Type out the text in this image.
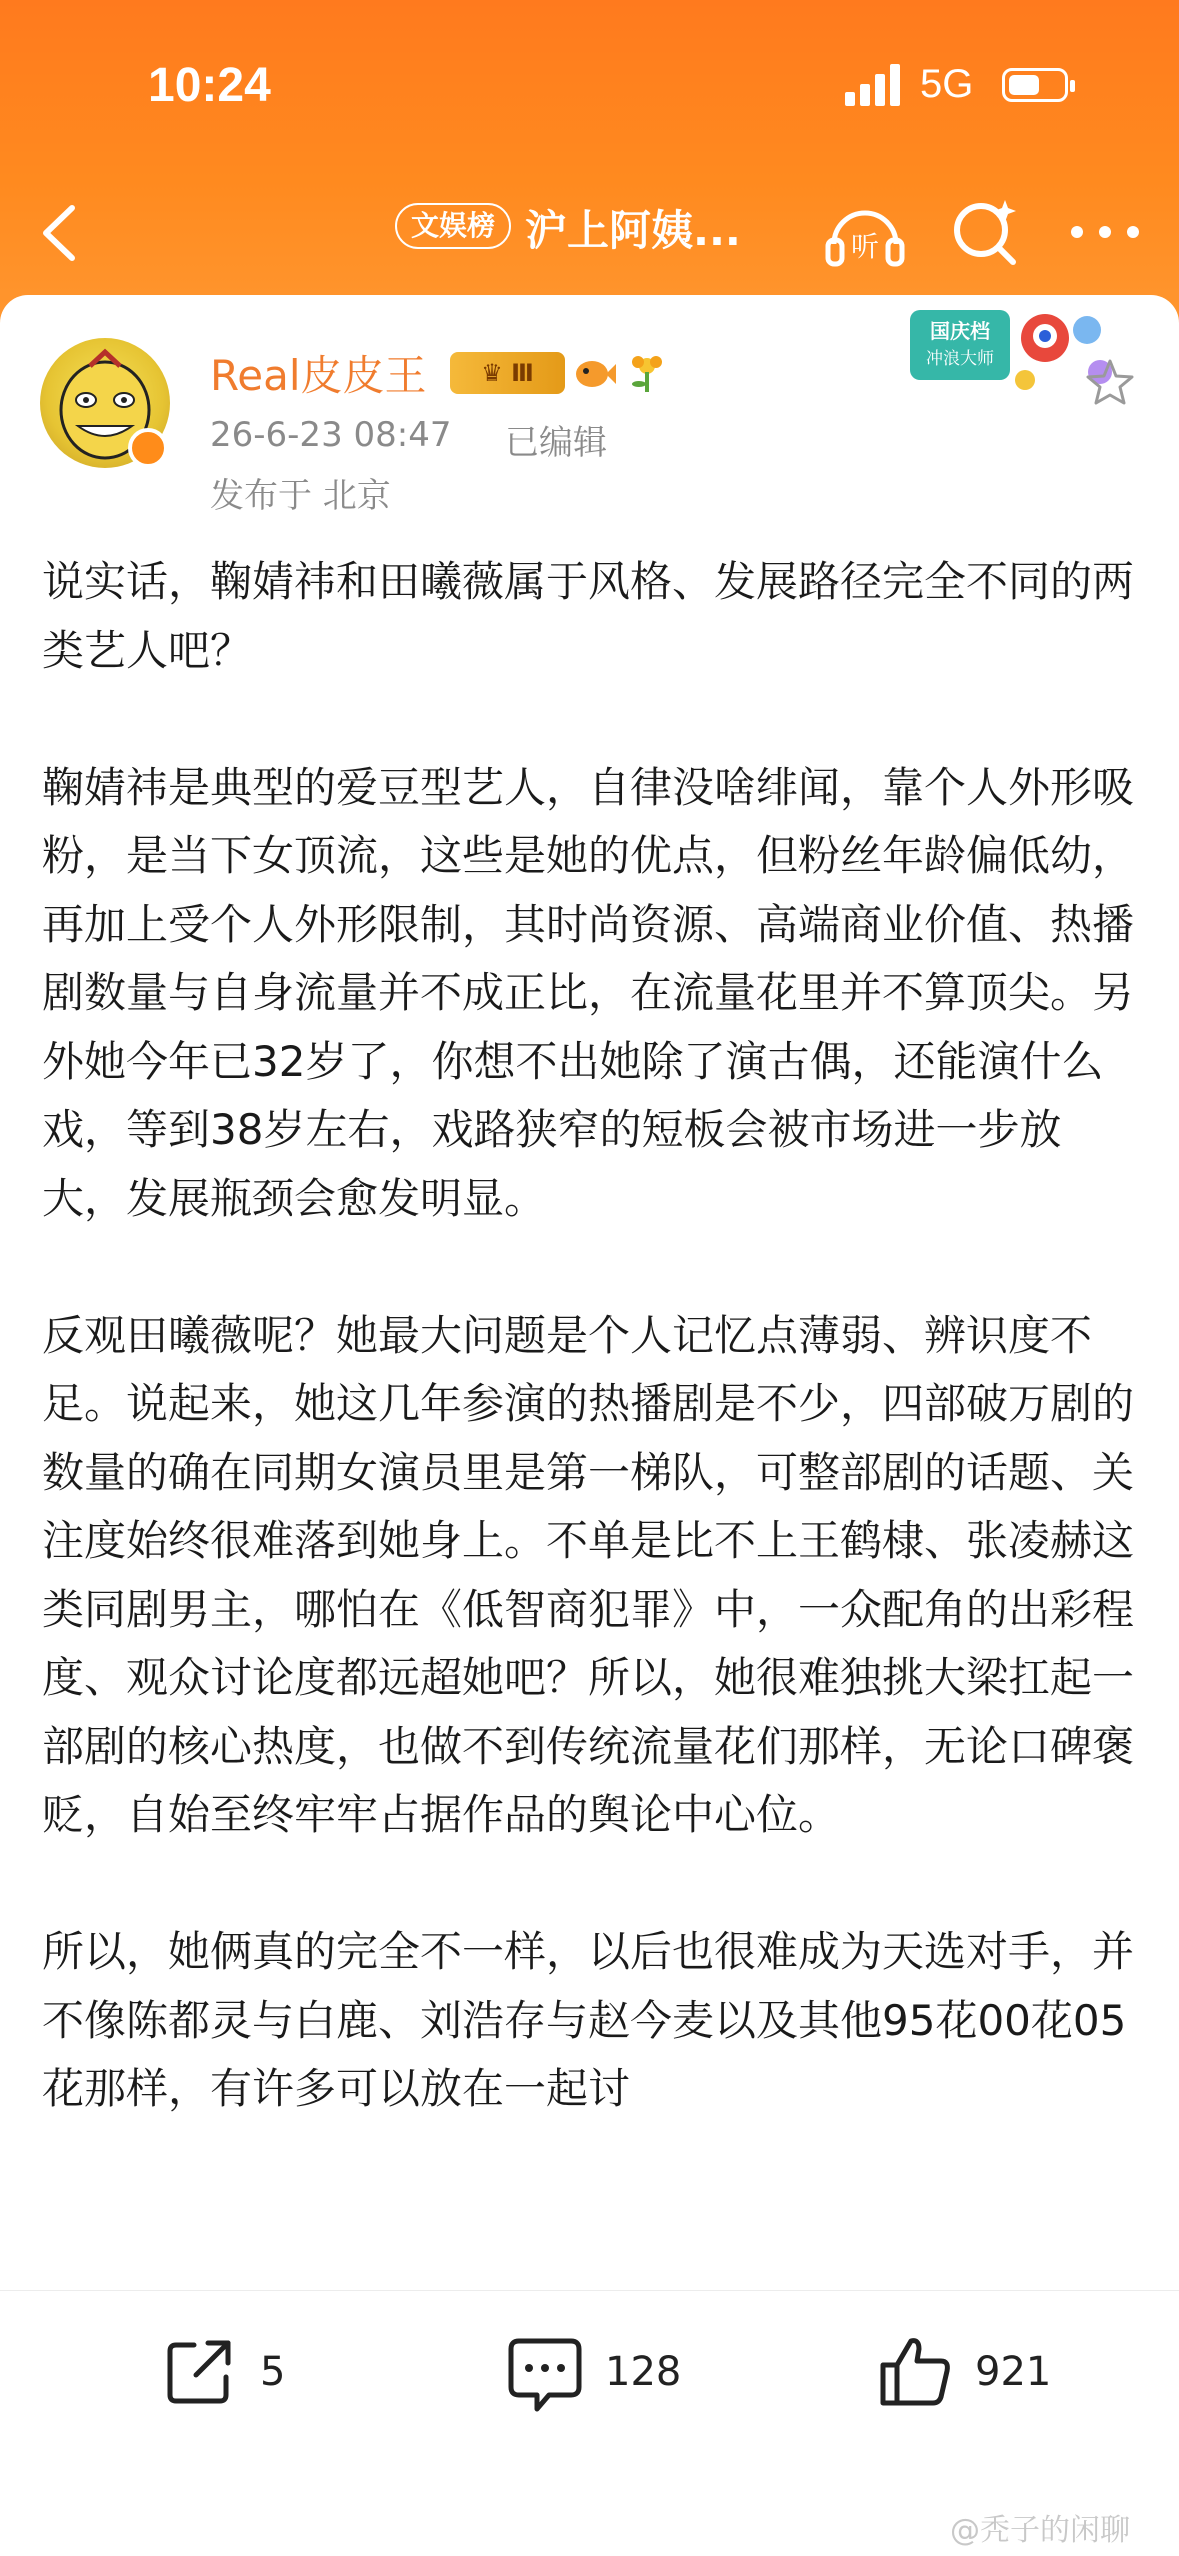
10:24	5G
文娱榜 沪上阿姨...	听
Real皮皮王	♛ Ⅲ
26-6-23 08:47 已编辑
发布于 北京
国庆档
冲浪大师

说实话，鞠婧祎和田曦薇属于风格、发展路径完全不同的两类艺人吧？

鞠婧祎是典型的爱豆型艺人，自律没啥绯闻，靠个人外形吸粉，是当下女顶流，这些是她的优点，但粉丝年龄偏低幼，再加上受个人外形限制，其时尚资源、高端商业价值、热播剧数量与自身流量并不成正比，在流量花里并不算顶尖。另外她今年已32岁了，你想不出她除了演古偶，还能演什么戏，等到38岁左右，戏路狭窄的短板会被市场进一步放大，发展瓶颈会愈发明显。

反观田曦薇呢？她最大问题是个人记忆点薄弱、辨识度不足。说起来，她这几年参演的热播剧是不少，四部破万剧的数量的确在同期女演员里是第一梯队，可整部剧的话题、关注度始终很难落到她身上。不单是比不上王鹤棣、张凌赫这类同剧男主，哪怕在《低智商犯罪》中，一众配角的出彩程度、观众讨论度都远超她吧？所以，她很难独挑大梁扛起一部剧的核心热度，也做不到传统流量花们那样，无论口碑褒贬，自始至终牢牢占据作品的舆论中心位。

所以，她俩真的完全不一样，以后也很难成为天选对手，并不像陈都灵与白鹿、刘浩存与赵今麦以及其他95花00花05花那样，有许多可以放在一起讨

5	128	921
@秃子的闲聊
